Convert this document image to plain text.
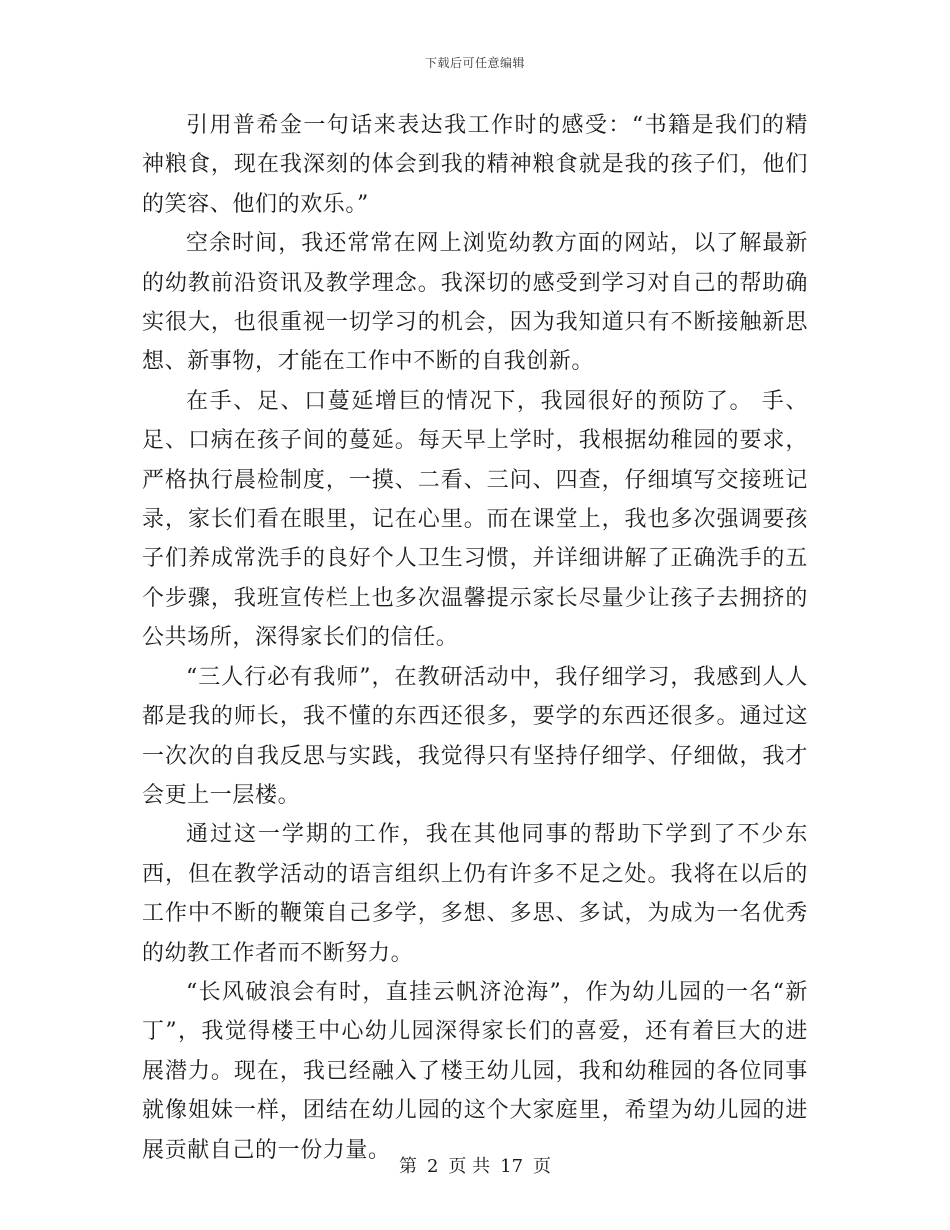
下载后可任意编辑

引用普希金一句话来表达我工作时的感受：“书籍是我们的精神粮食，现在我深刻的体会到我的精神粮食就是我的孩子们，他们的笑容、他们的欢乐。”

空余时间，我还常常在网上浏览幼教方面的网站，以了解最新的幼教前沿资讯及教学理念。我深切的感受到学习对自己的帮助确实很大，也很重视一切学习的机会，因为我知道只有不断接触新思想、新事物，才能在工作中不断的自我创新。

在手、足、口蔓延增巨的情况下，我园很好的预防了。 手、足、口病在孩子间的蔓延。每天早上学时，我根据幼稚园的要求，严格执行晨检制度，一摸、二看、三问、四查，仔细填写交接班记录，家长们看在眼里，记在心里。而在课堂上，我也多次强调要孩子们养成常洗手的良好个人卫生习惯，并详细讲解了正确洗手的五个步骤，我班宣传栏上也多次温馨提示家长尽量少让孩子去拥挤的公共场所，深得家长们的信任。

“三人行必有我师”，在教研活动中，我仔细学习，我感到人人都是我的师长，我不懂的东西还很多，要学的东西还很多。通过这一次次的自我反思与实践，我觉得只有坚持仔细学、仔细做，我才会更上一层楼。

通过这一学期的工作，我在其他同事的帮助下学到了不少东西，但在教学活动的语言组织上仍有许多不足之处。我将在以后的工作中不断的鞭策自己多学，多想、多思、多试，为成为一名优秀的幼教工作者而不断努力。

“长风破浪会有时，直挂云帆济沧海”，作为幼儿园的一名“新丁”，我觉得楼王中心幼儿园深得家长们的喜爱，还有着巨大的进展潜力。现在，我已经融入了楼王幼儿园，我和幼稚园的各位同事就像姐妹一样，团结在幼儿园的这个大家庭里，希望为幼儿园的进展贡献自己的一份力量。

第 2 页 共 17 页
